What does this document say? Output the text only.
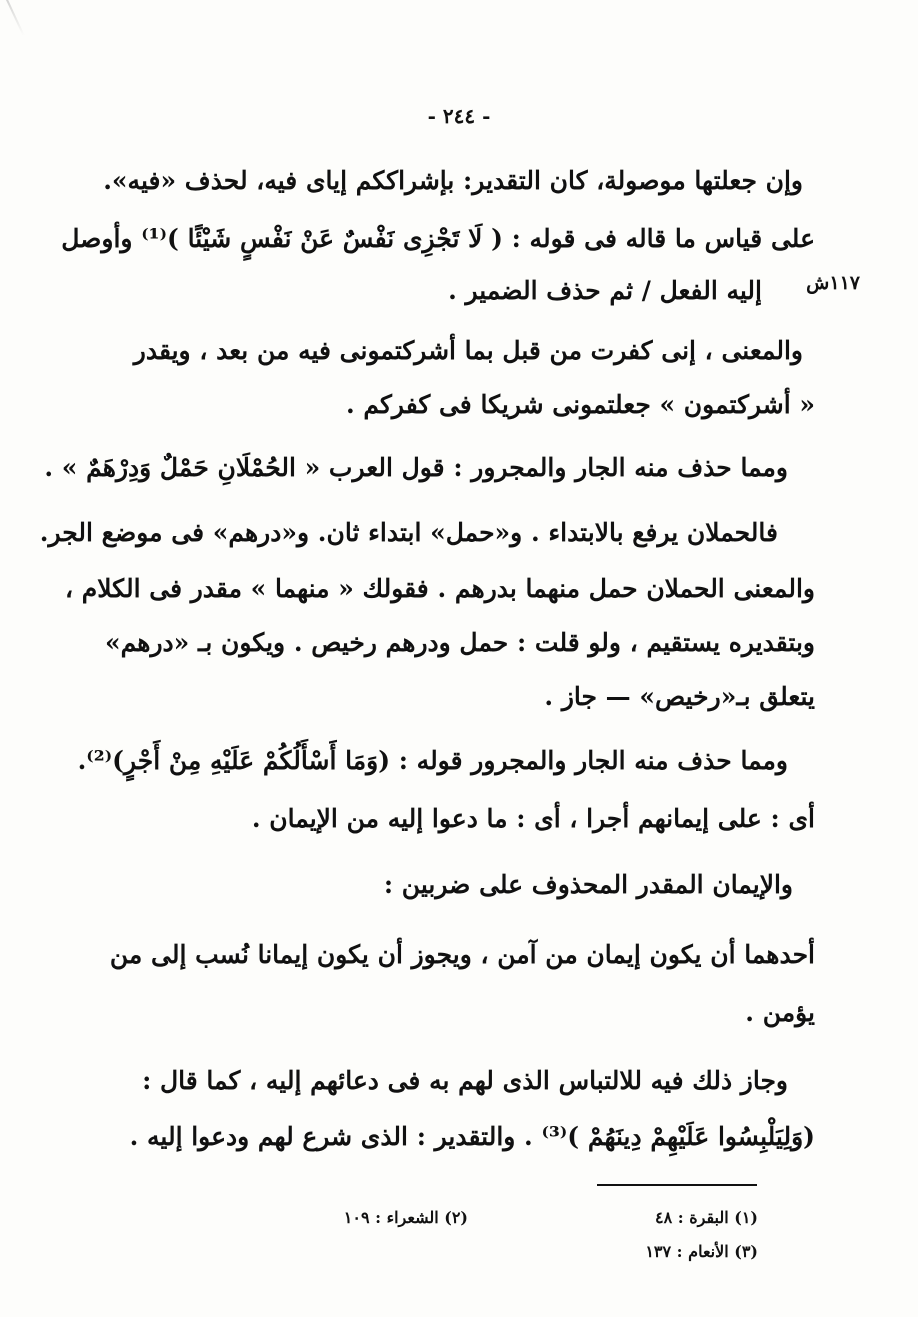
- ٢٤٤ -
١١٧ش
وإن جعلتها موصولة، كان التقدير: بإشراككم إياى فيه، لحذف «فيه».
على قياس ما قاله فى قوله : ( لَا تَجْزِى نَفْسٌ عَنْ نَفْسٍ شَيْئًا )⁽¹⁾ وأوصل
إليه الفعل / ثم حذف الضمير .
والمعنى ، إنى كفرت من قبل بما أشركتمونى فيه من بعد ، ويقدر
« أشركتمون » جعلتمونى شريكا فى كفركم .
ومما حذف منه الجار والمجرور : قول العرب « الحُمْلَانِ حَمْلٌ وَدِرْهَمٌ » .
فالحملان يرفع بالابتداء . و«حمل» ابتداء ثان. و«درهم» فى موضع الجر.
والمعنى الحملان حمل منهما بدرهم . فقولك « منهما » مقدر فى الكلام ،
وبتقديره يستقيم ، ولو قلت : حمل ودرهم رخيص . ويكون بـ «درهم»
يتعلق بـ«رخيص» — جاز .
ومما حذف منه الجار والمجرور قوله : (وَمَا أَسْأَلُكُمْ عَلَيْهِ مِنْ أَجْرٍ)⁽²⁾.
أى : على إيمانهم أجرا ، أى : ما دعوا إليه من الإيمان .
والإيمان المقدر المحذوف على ضربين :
أحدهما أن يكون إيمان من آمن ، ويجوز أن يكون إيمانا نُسب إلى من
يؤمن .
وجاز ذلك فيه للالتباس الذى لهم به فى دعائهم إليه ، كما قال :
(وَلِيَلْبِسُوا عَلَيْهِمْ دِينَهُمْ )⁽³⁾ . والتقدير : الذى شرع لهم ودعوا إليه .
(١) البقرة : ٤٨
(٢) الشعراء : ١٠٩
(٣) الأنعام : ١٣٧
